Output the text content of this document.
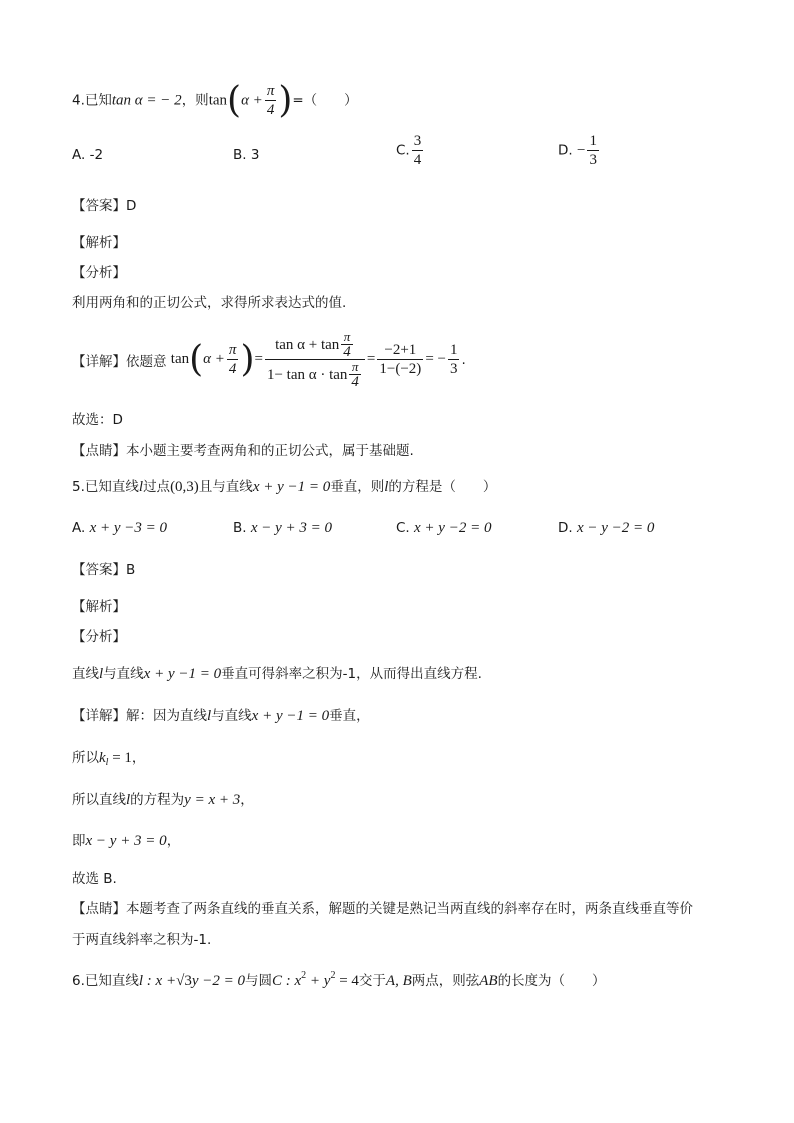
4.已知tan α = − 2，则$\tan(\alpha + \frac{\pi}{4}$ )=（　　）
A. -2	B. 3	C. $\frac{3}{4}$	D. − $\frac{1}{3}$
【答案】D
【解析】
【分析】
利用两角和的正切公式，求得所求表达式的值.
【详解】 依题意
tan ( $\alpha + \frac{\pi}{4}$ ) = $\frac{\tan \alpha + \tan \frac{\pi}{4}}{1- \tan \alpha \cdot \tan \frac{\pi}{4}} = \frac{-2+1}{1-(-2)}$ = − $\frac{1}{3}$ .
故选：D
【点睛】本小题主要考查两角和的正切公式，属于基础题.
5.已知直线l过点(0,3)且与直线x + y −1 = 0垂直，则l的方程是（　　）
A. x + y −3 = 0	B. x − y + 3 = 0	C. x + y −2 = 0	D. x − y −2 = 0
【答案】B
【解析】
【分析】
直线l与直线x + y −1 = 0垂直可得斜率之积为-1，从而得出直线方程.
【详解】解：因为直线l与直线x + y −1 = 0垂直，
所以$k_l = 1$，
所以直线l的方程为y = x + 3，
即x − y + 3 = 0，
故选 B.
【点睛】本题考查了两条直线的垂直关系，解题的关键是熟记当两直线的斜率存在时，两条直线垂直等价
于两直线斜率之积为-1.
6.已知直线l : x +√3y −2 = 0与圆C : $x^2 + y^2 = 4$交于A, B两点，则弦AB的长度为（　　）
